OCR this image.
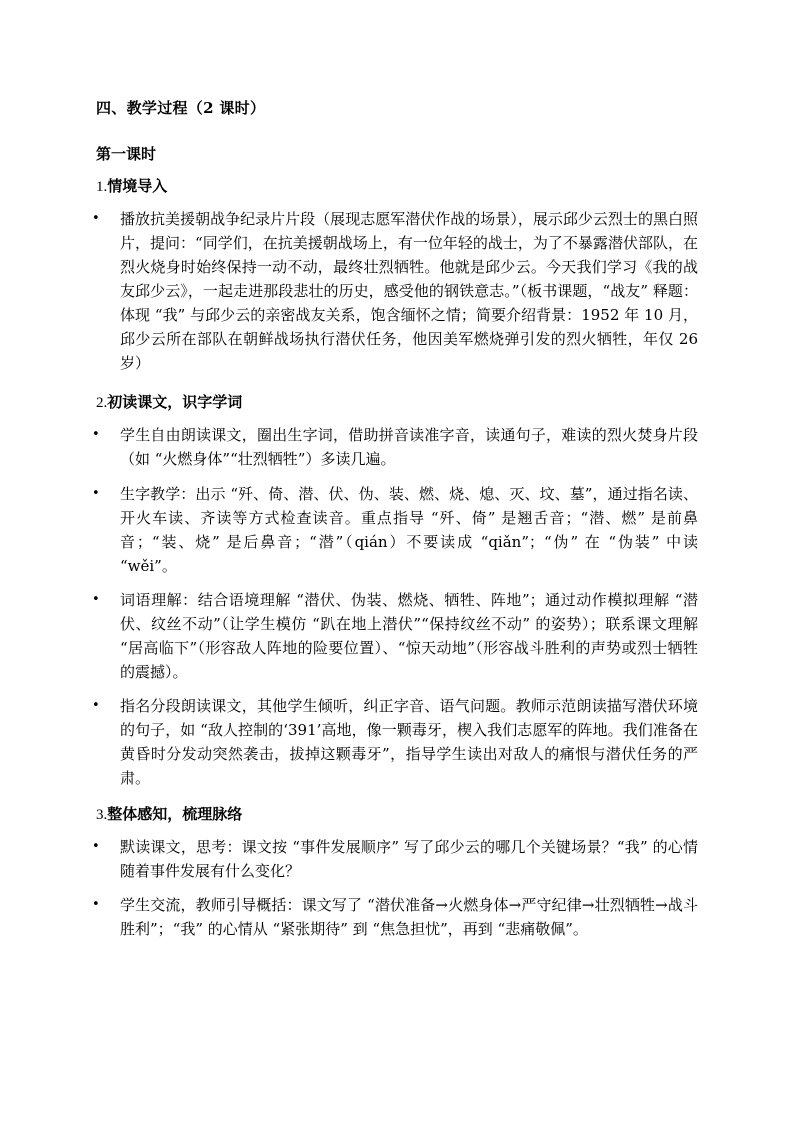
四、教学过程（2 课时）
第一课时
1.情境导入
•	播放抗美援朝战争纪录片片段（展现志愿军潜伏作战的场景），展示邱少云烈士的黑白照片，提问：“同学们，在抗美援朝战场上，有一位年轻的战士，为了不暴露潜伏部队，在烈火烧身时始终保持一动不动，最终壮烈牺牲。他就是邱少云。今天我们学习《我的战友邱少云》，一起走进那段悲壮的历史，感受他的钢铁意志。”（板书课题，“战友” 释题：体现 “我” 与邱少云的亲密战友关系，饱含缅怀之情；简要介绍背景：1952 年 10 月，邱少云所在部队在朝鲜战场执行潜伏任务，他因美军燃烧弹引发的烈火牺牲，年仅 26 岁）
2.初读课文，识字学词
•	学生自由朗读课文，圈出生字词，借助拼音读准字音，读通句子，难读的烈火焚身片段（如 “火燃身体”“壮烈牺牲”）多读几遍。
•	生字教学：出示 “歼、倚、潜、伏、伪、装、燃、烧、熄、灭、坟、墓”，通过指名读、开火车读、齐读等方式检查读音。重点指导 “歼、倚” 是翘舌音；“潜、燃” 是前鼻音；“装、烧” 是后鼻音；“潜”（qián）不要读成 “qiǎn”；“伪” 在 “伪装” 中读 “wěi”。
•	词语理解：结合语境理解 “潜伏、伪装、燃烧、牺牲、阵地”；通过动作模拟理解 “潜伏、纹丝不动”（让学生模仿 “趴在地上潜伏”“保持纹丝不动” 的姿势）；联系课文理解 “居高临下”（形容敌人阵地的险要位置）、“惊天动地”（形容战斗胜利的声势或烈士牺牲的震撼）。
•	指名分段朗读课文，其他学生倾听，纠正字音、语气问题。教师示范朗读描写潜伏环境的句子，如 “敌人控制的‘391’高地，像一颗毒牙，楔入我们志愿军的阵地。我们准备在黄昏时分发动突然袭击，拔掉这颗毒牙”，指导学生读出对敌人的痛恨与潜伏任务的严肃。
3.整体感知，梳理脉络
•	默读课文，思考：课文按 “事件发展顺序” 写了邱少云的哪几个关键场景？“我” 的心情随着事件发展有什么变化？
•	学生交流，教师引导概括：课文写了 “潜伏准备→火燃身体→严守纪律→壮烈牺牲→战斗胜利”；“我” 的心情从 “紧张期待” 到 “焦急担忧”，再到 “悲痛敬佩”。
